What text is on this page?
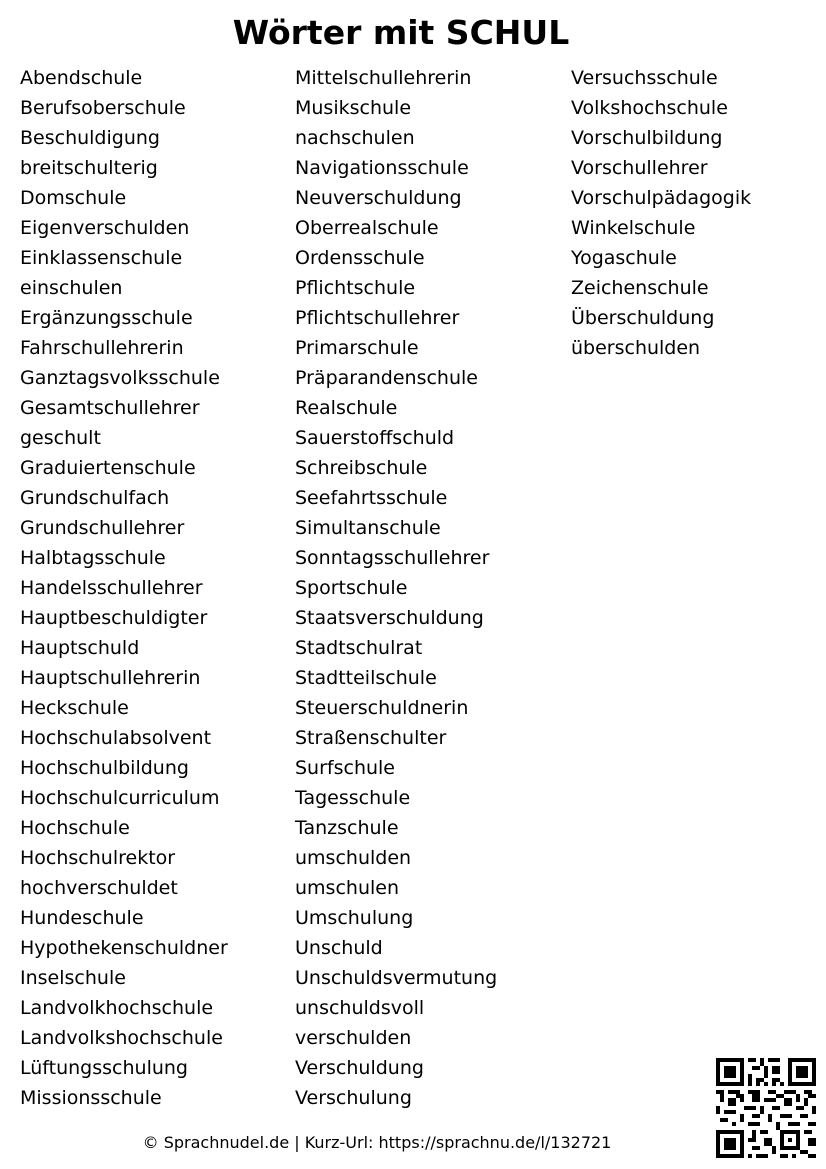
Wörter mit SCHUL
Abendschule
Berufsoberschule
Beschuldigung
breitschulterig
Domschule
Eigenverschulden
Einklassenschule
einschulen
Ergänzungsschule
Fahrschullehrerin
Ganztagsvolksschule
Gesamtschullehrer
geschult
Graduiertenschule
Grundschulfach
Grundschullehrer
Halbtagsschule
Handelsschullehrer
Hauptbeschuldigter
Hauptschuld
Hauptschullehrerin
Heckschule
Hochschulabsolvent
Hochschulbildung
Hochschulcurriculum
Hochschule
Hochschulrektor
hochverschuldet
Hundeschule
Hypothekenschuldner
Inselschule
Landvolkhochschule
Landvolkshochschule
Lüftungsschulung
Missionsschule
Mittelschullehrerin
Musikschule
nachschulen
Navigationsschule
Neuverschuldung
Oberrealschule
Ordensschule
Pflichtschule
Pflichtschullehrer
Primarschule
Präparandenschule
Realschule
Sauerstoffschuld
Schreibschule
Seefahrtsschule
Simultanschule
Sonntagsschullehrer
Sportschule
Staatsverschuldung
Stadtschulrat
Stadtteilschule
Steuerschuldnerin
Straßenschulter
Surfschule
Tagesschule
Tanzschule
umschulden
umschulen
Umschulung
Unschuld
Unschuldsvermutung
unschuldsvoll
verschulden
Verschuldung
Verschulung
Versuchsschule
Volkshochschule
Vorschulbildung
Vorschullehrer
Vorschulpädagogik
Winkelschule
Yogaschule
Zeichenschule
Überschuldung
überschulden
© Sprachnudel.de | Kurz-Url: https://sprachnu.de/l/132721
